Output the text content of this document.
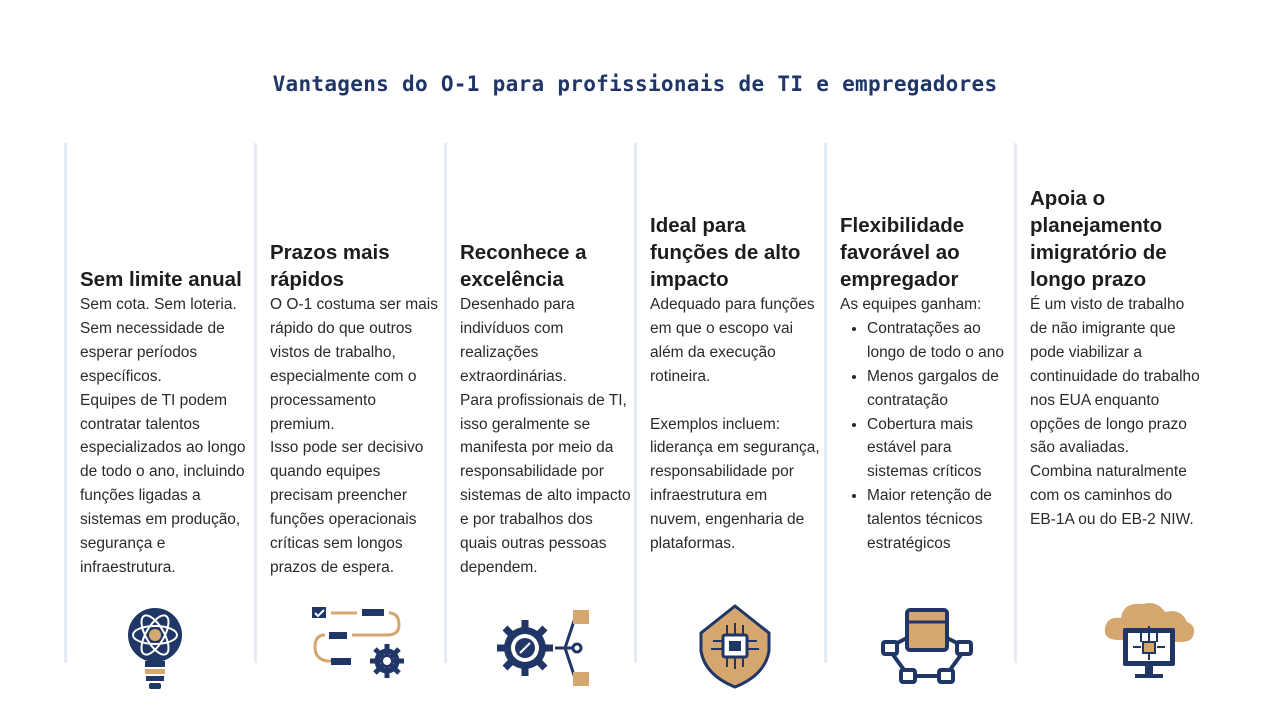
Vantagens do O-1 para profissionais de TI e empregadores
Sem limite anual

Sem cota. Sem loteria. Sem necessidade de esperar períodos específicos.

Equipes de TI podem contratar talentos especializados ao longo de todo o ano, incluindo funções ligadas a sistemas em produção, segurança e infraestrutura.

Prazos mais rápidos

O O-1 costuma ser mais rápido do que outros vistos de trabalho, especialmente com o processamento premium.

Isso pode ser decisivo quando equipes precisam preencher funções operacionais críticas sem longos prazos de espera.

Reconhece a excelência

Desenhado para indivíduos com realizações extraordinárias.

Para profissionais de TI, isso geralmente se manifesta por meio da responsabilidade por sistemas de alto impacto e por trabalhos dos quais outras pessoas dependem.

Ideal para funções de alto impacto

Adequado para funções em que o escopo vai além da execução rotineira.

Exemplos incluem: liderança em segurança, responsabilidade por infraestrutura em nuvem, engenharia de plataformas.

Flexibilidade favorável ao empregador

As equipes ganham:

• Contratações ao longo de todo o ano
• Menos gargalos de contratação
• Cobertura mais estável para sistemas críticos
• Maior retenção de talentos técnicos estratégicos
Apoia o planejamento imigratório de longo prazo

É um visto de trabalho de não imigrante que pode viabilizar a continuidade do trabalho nos EUA enquanto opções de longo prazo são avaliadas.

Combina naturalmente com os caminhos do EB-1A ou do EB-2 NIW.
